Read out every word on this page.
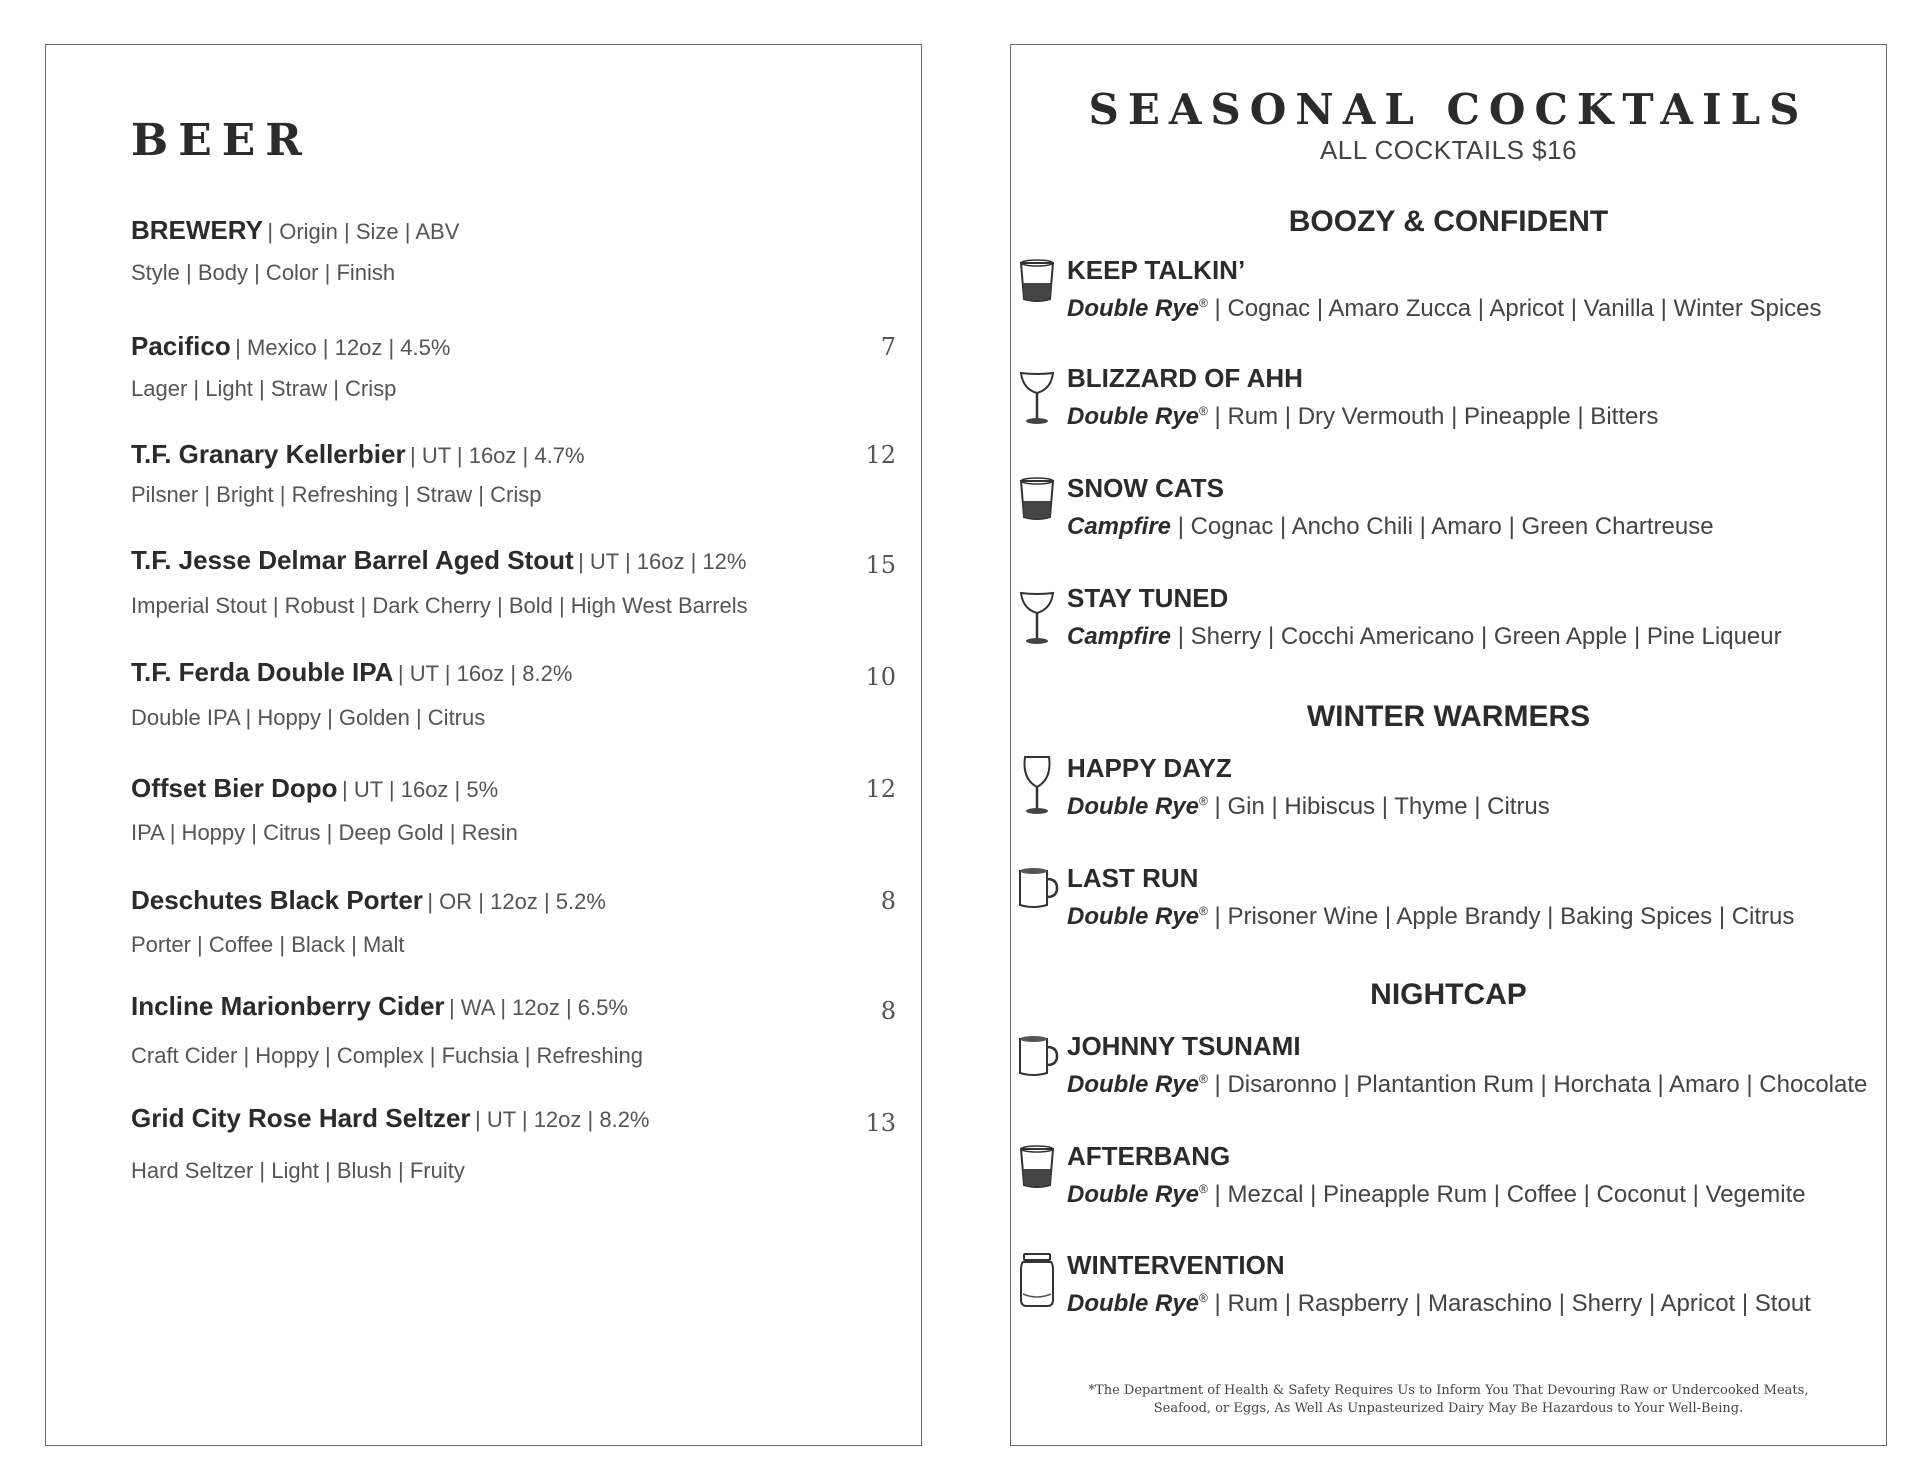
BEER
BREWERY | Origin | Size | ABV
Style | Body | Color | Finish
Pacifico | Mexico | 12oz | 4.5%
Lager | Light | Straw | Crisp
7
T.F. Granary Kellerbier | UT | 16oz | 4.7%
Pilsner | Bright | Refreshing | Straw | Crisp
12
T.F. Jesse Delmar Barrel Aged Stout | UT | 16oz | 12%
Imperial Stout | Robust | Dark Cherry | Bold | High West Barrels
15
T.F. Ferda Double IPA | UT | 16oz | 8.2%
Double IPA | Hoppy | Golden | Citrus
10
Offset Bier Dopo | UT | 16oz | 5%
IPA | Hoppy | Citrus | Deep Gold | Resin
12
Deschutes Black Porter | OR | 12oz | 5.2%
Porter | Coffee | Black | Malt
8
Incline Marionberry Cider | WA | 12oz | 6.5%
Craft Cider | Hoppy | Complex | Fuchsia | Refreshing
8
Grid City Rose Hard Seltzer | UT | 12oz | 8.2%
Hard Seltzer | Light | Blush | Fruity
13
SEASONAL COCKTAILS
ALL COCKTAILS $16
BOOZY & CONFIDENT
KEEP TALKIN’
Double Rye® | Cognac | Amaro Zucca | Apricot | Vanilla | Winter Spices
BLIZZARD OF AHH
Double Rye® | Rum | Dry Vermouth | Pineapple | Bitters
SNOW CATS
Campfire | Cognac | Ancho Chili | Amaro | Green Chartreuse
STAY TUNED
Campfire | Sherry | Cocchi Americano | Green Apple | Pine Liqueur
WINTER WARMERS
HAPPY DAYZ
Double Rye® | Gin | Hibiscus | Thyme | Citrus
LAST RUN
Double Rye® | Prisoner Wine | Apple Brandy | Baking Spices | Citrus
NIGHTCAP
JOHNNY TSUNAMI
Double Rye® | Disaronno | Plantantion Rum | Horchata | Amaro | Chocolate
AFTERBANG
Double Rye® | Mezcal | Pineapple Rum | Coffee | Coconut | Vegemite
WINTERVENTION
Double Rye® | Rum | Raspberry | Maraschino | Sherry | Apricot | Stout
*The Department of Health & Safety Requires Us to Inform You That Devouring Raw or Undercooked Meats,
Seafood, or Eggs, As Well As Unpasteurized Dairy May Be Hazardous to Your Well-Being.
